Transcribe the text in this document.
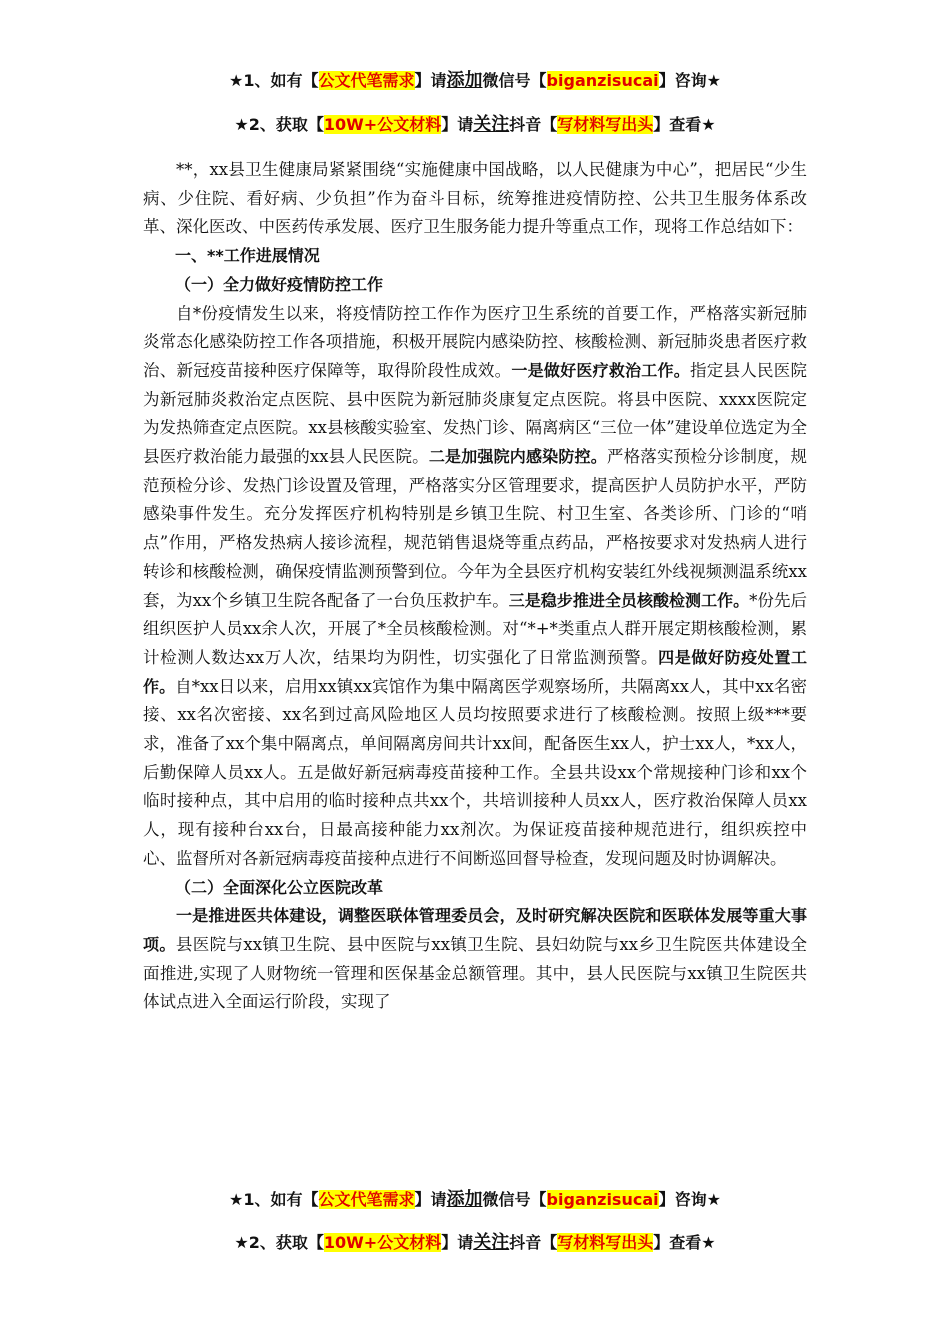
★1、如有【公文代笔需求】请添加微信号【biganzisucai】咨询★
★2、获取【10W+公文材料】请关注抖音【写材料写出头】查看★

**，xx县卫生健康局紧紧围绕“实施健康中国战略，以人民健康为中心”，把居民“少生病、少住院、看好病、少负担”作为奋斗目标，统筹推进疫情防控、公共卫生服务体系改革、深化医改、中医药传承发展、医疗卫生服务能力提升等重点工作，现将工作总结如下：

一、**工作进展情况

（一）全力做好疫情防控工作

自*份疫情发生以来，将疫情防控工作作为医疗卫生系统的首要工作，严格落实新冠肺炎常态化感染防控工作各项措施，积极开展院内感染防控、核酸检测、新冠肺炎患者医疗救治、新冠疫苗接种医疗保障等，取得阶段性成效。一是做好医疗救治工作。指定县人民医院为新冠肺炎救治定点医院、县中医院为新冠肺炎康复定点医院。将县中医院、xxxx医院定为发热筛查定点医院。xx县核酸实验室、发热门诊、隔离病区“三位一体”建设单位选定为全县医疗救治能力最强的xx县人民医院。二是加强院内感染防控。严格落实预检分诊制度，规范预检分诊、发热门诊设置及管理，严格落实分区管理要求，提高医护人员防护水平，严防感染事件发生。充分发挥医疗机构特别是乡镇卫生院、村卫生室、各类诊所、门诊的“哨点”作用，严格发热病人接诊流程，规范销售退烧等重点药品，严格按要求对发热病人进行转诊和核酸检测，确保疫情监测预警到位。今年为全县医疗机构安装红外线视频测温系统xx套，为xx个乡镇卫生院各配备了一台负压救护车。三是稳步推进全员核酸检测工作。*份先后组织医护人员xx余人次，开展了*全员核酸检测。对“*+*类重点人群开展定期核酸检测，累计检测人数达xx万人次，结果均为阴性，切实强化了日常监测预警。四是做好防疫处置工作。自*xx日以来，启用xx镇xx宾馆作为集中隔离医学观察场所，共隔离xx人，其中xx名密接、xx名次密接、xx名到过高风险地区人员均按照要求进行了核酸检测。按照上级***要求，准备了xx个集中隔离点，单间隔离房间共计xx间，配备医生xx人，护士xx人，*xx人，后勤保障人员xx人。五是做好新冠病毒疫苗接种工作。全县共设xx个常规接种门诊和xx个临时接种点，其中启用的临时接种点共xx个，共培训接种人员xx人，医疗救治保障人员xx人，现有接种台xx台，日最高接种能力xx剂次。为保证疫苗接种规范进行，组织疾控中心、监督所对各新冠病毒疫苗接种点进行不间断巡回督导检查，发现问题及时协调解决。

（二）全面深化公立医院改革

一是推进医共体建设，调整医联体管理委员会，及时研究解决医院和医联体发展等重大事项。县医院与xx镇卫生院、县中医院与xx镇卫生院、县妇幼院与xx乡卫生院医共体建设全面推进,实现了人财物统一管理和医保基金总额管理。其中，县人民医院与xx镇卫生院医共体试点进入全面运行阶段，实现了

★1、如有【公文代笔需求】请添加微信号【biganzisucai】咨询★
★2、获取【10W+公文材料】请关注抖音【写材料写出头】查看★
